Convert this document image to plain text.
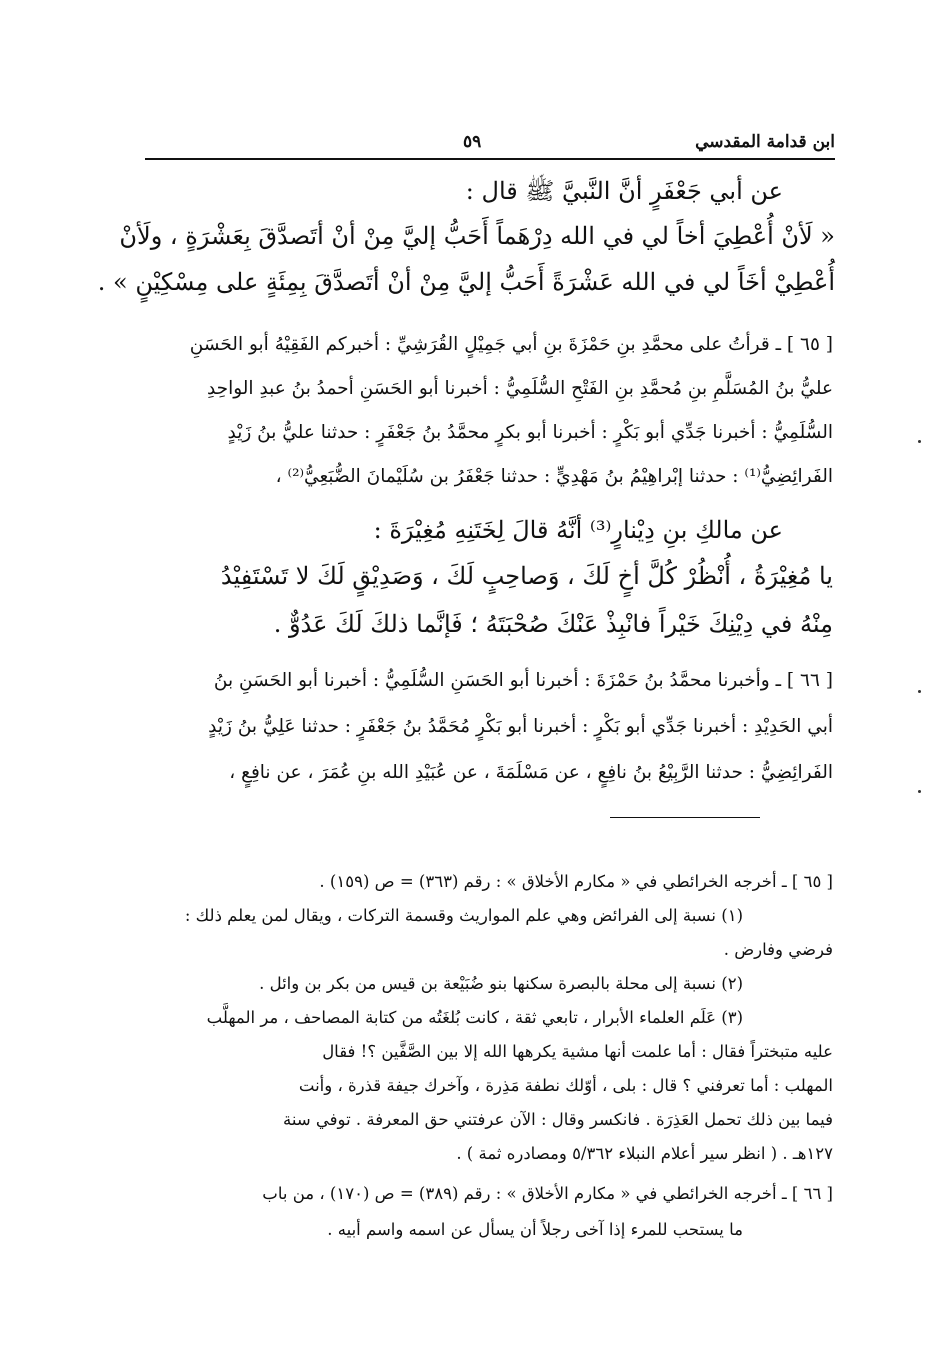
ابن قدامة المقدسي
٥٩
عن أبي جَعْفَرٍ أنَّ النَّبيَّ ﷺ قال :
« لَأنْ أُعْطِيَ أخاً لي في الله دِرْهَماً أَحَبُّ إليَّ مِنْ أنْ أتَصدَّقَ بِعَشْرَةٍ ، ولَأنْ
أُعْطِيْ أخَاً لي في الله عَشْرَةً أَحَبُّ إليَّ مِنْ أنْ أتَصدَّقَ بِمِئَةٍ على مِسْكِيْنٍ » .
[ ٦٥ ] ـ قرأتُ على محمَّدِ بنِ حَمْزَةَ بنِ أبي جَمِيْلٍ القُرَشِيِّ : أخبركم الفَقِيْهُ أبو الحَسَنِ
عليُّ بنُ المُسَلَّمِ بنِ مُحمَّدِ بنِ الفَتْحِ السُّلَمِيُّ : أخبرنا أبو الحَسَنِ أحمدُ بنُ عبدِ الواحِدِ
السُّلَمِيُّ : أخبرنا جَدِّي أبو بَكْرٍ : أخبرنا أبو بكرٍ محمَّدُ بنُ جَعْفَرٍ : حدثنا عليُّ بنُ زَيْدٍ
الفَرائِضِيُّ⁽¹⁾ : حدثنا إبْراهِيْمُ بنُ مَهْدِيٍّ : حدثنا جَعْفَرُ بن سُلَيْمانَ الضُّبَعِيُّ⁽²⁾ ،
عن مالكِ بنِ دِيْنارٍ⁽³⁾ أنَّهُ قالَ لِخَتَنِهِ مُغِيْرَةَ :
يا مُغِيْرَةُ ، أُنْظُرْ كُلَّ أخٍ لَكَ ، وَصاحِبٍ لَكَ ، وَصَدِيْقٍ لَكَ لا تَسْتَفِيْدُ
مِنْهُ في دِيْنِكَ خَيْراً فانْبِذْ عَنْكَ صُحْبَتَهُ ؛ فَإنَّما ذلكَ لَكَ عَدُوٌّ .
[ ٦٦ ] ـ وأخبرنا محمَّدُ بنُ حَمْزَةَ : أخبرنا أبو الحَسَنِ السُّلَمِيُّ : أخبرنا أبو الحَسَنِ بنُ
أبي الحَدِيْدِ : أخبرنا جَدِّي أبو بَكْرٍ : أخبرنا أبو بَكْرٍ مُحَمَّدُ بنُ جَعْفَرٍ : حدثنا عَلِيُّ بنُ زَيْدٍ
الفَرائِضِيُّ : حدثنا الرَّبِيْعُ بنُ نافِعٍ ، عن مَسْلَمَةَ ، عن عُبَيْدِ الله بنِ عُمَرَ ، عن نافِعٍ ،
[ ٦٥ ] ـ أخرجه الخرائطي في « مكارم الأخلاق » : رقم (٣٦٣) = ص (١٥٩) .
(١) نسبة إلى الفرائض وهي علم المواريث وقسمة التركات ، ويقال لمن يعلم ذلك :
فرضي وفارض .
(٢) نسبة إلى محلة بالبصرة سكنها بنو ضُبَيْعة بن قيس من بكر بن وائل .
(٣) عَلَم العلماء الأبرار ، تابعي ثقة ، كانت بُلغَتُه من كتابة المصاحف ، مر المهلَّب
عليه متبختراً فقال : أما علمت أنها مشية يكرهها الله إلا بين الصَّفَّين ؟! فقال
المهلب : أما تعرفني ؟ قال : بلى ، أوّلك نطفة مَذِرة ، وآخرك جيفة قذرة ، وأنت
فيما بين ذلك تحمل العَذِرَة . فانكسر وقال : الآن عرفتني حق المعرفة . توفي سنة
١٢٧هـ . ( انظر سير أعلام النبلاء ٥/٣٦٢ ومصادره ثمة ) .
[ ٦٦ ] ـ أخرجه الخرائطي في « مكارم الأخلاق » : رقم (٣٨٩) = ص (١٧٠) ، من باب
ما يستحب للمرء إذا آخى رجلاً أن يسأل عن اسمه واسم أبيه .
